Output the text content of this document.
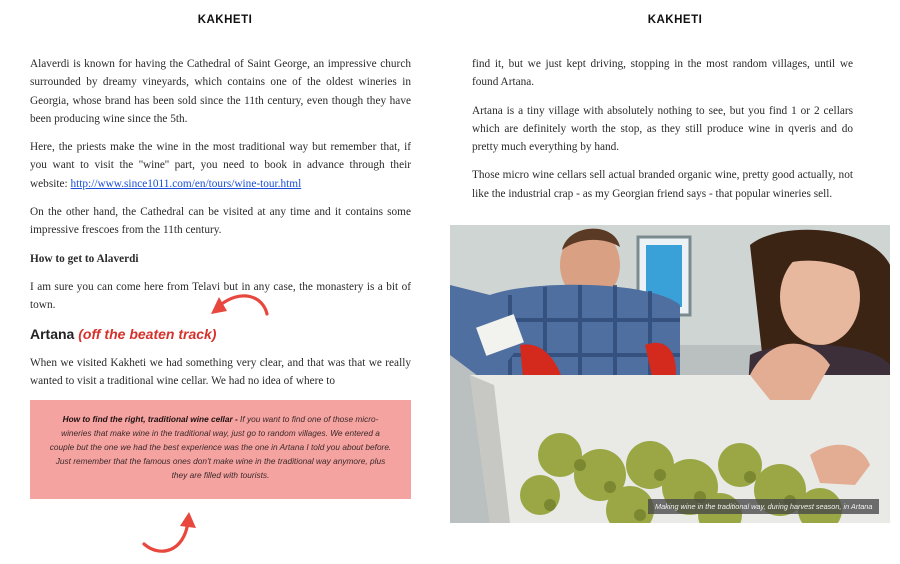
KAKHETI

Alaverdi is known for having the Cathedral of Saint George, an impressive church surrounded by dreamy vineyards, which contains one of the oldest wineries in Georgia, whose brand has been sold since the 11th century, even though they have been producing wine since the 5th.

Here, the priests make the wine in the most traditional way but remember that, if you want to visit the ''wine'' part, you need to book in advance through their website: http://www.since1011.com/en/tours/wine-tour.html

On the other hand, the Cathedral can be visited at any time and it contains some impressive frescoes from the 11th century.

How to get to Alaverdi

I am sure you can come here from Telavi but in any case, the monastery is a bit of town.

Artana (off the beaten track)

When we visited Kakheti we had something very clear, and that was that we really wanted to visit a traditional wine cellar. We had no idea of where to

How to find the right, traditional wine cellar - If you want to find one of those micro-wineries that make wine in the traditional way, just go to random villages. We entered a couple but the one we had the best experience was the one in Artana I told you about before. Just remember that the famous ones don't make wine in the traditional way anymore, plus they are filled with tourists.
KAKHETI

find it, but we just kept driving, stopping in the most random villages, until we found Artana.

Artana is a tiny village with absolutely nothing to see, but you find 1 or 2 cellars which are definitely worth the stop, as they still produce wine in qveris and do pretty much everything by hand.

Those micro wine cellars sell actual branded organic wine, pretty good actually, not like the industrial crap - as my Georgian friend says - that popular wineries sell.

Making wine in the traditional way, during harvest season, in Artana
